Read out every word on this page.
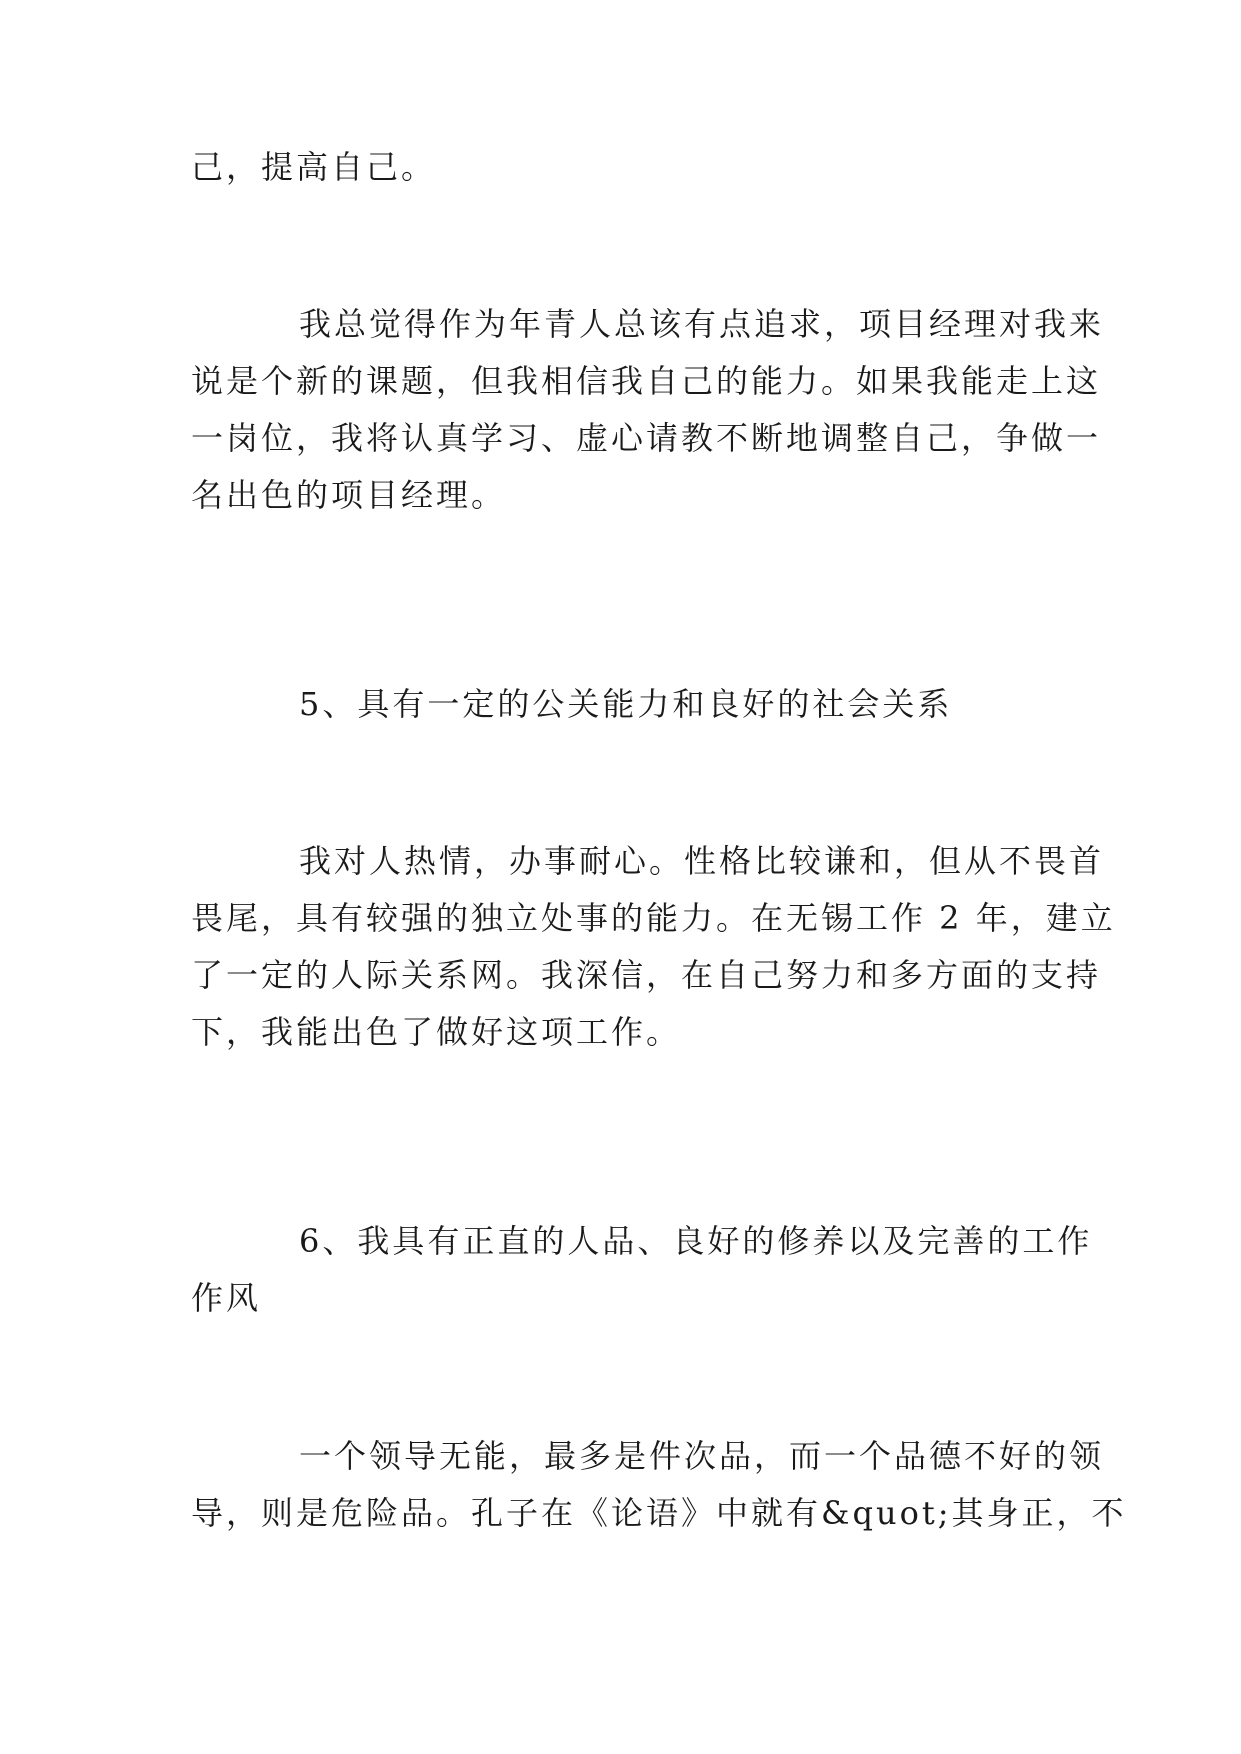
己，提高自己。
我总觉得作为年青人总该有点追求，项目经理对我来
说是个新的课题，但我相信我自己的能力。如果我能走上这
一岗位，我将认真学习、虚心请教不断地调整自己，争做一
名出色的项目经理。
5、具有一定的公关能力和良好的社会关系
我对人热情，办事耐心。性格比较谦和，但从不畏首
畏尾，具有较强的独立处事的能力。在无锡工作 2 年，建立
了一定的人际关系网。我深信，在自己努力和多方面的支持
下，我能出色了做好这项工作。
6、我具有正直的人品、良好的修养以及完善的工作
作风
一个领导无能，最多是件次品，而一个品德不好的领
导，则是危险品。孔子在《论语》中就有&quot;其身正，不
